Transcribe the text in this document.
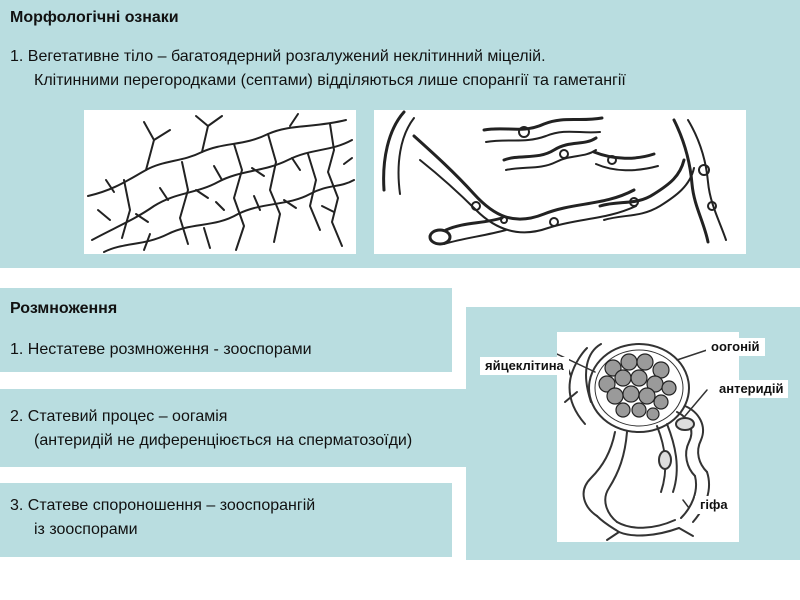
Морфологічні ознаки
1. Вегетативне тіло – багатоядерний розгалужений неклітинний міцелій.
Клітинними перегородками (септами) відділяються лише спорангії та гаметангії
Розмноження
1. Нестатеве розмноження - зооспорами
2. Статевий процес – оогамія
(антеридій не диференціюється на сперматозоїди)
3. Статеве спороношення – зооспорангій
із зооспорами
яйцеклітина
оогоній
антеридій
гіфа
